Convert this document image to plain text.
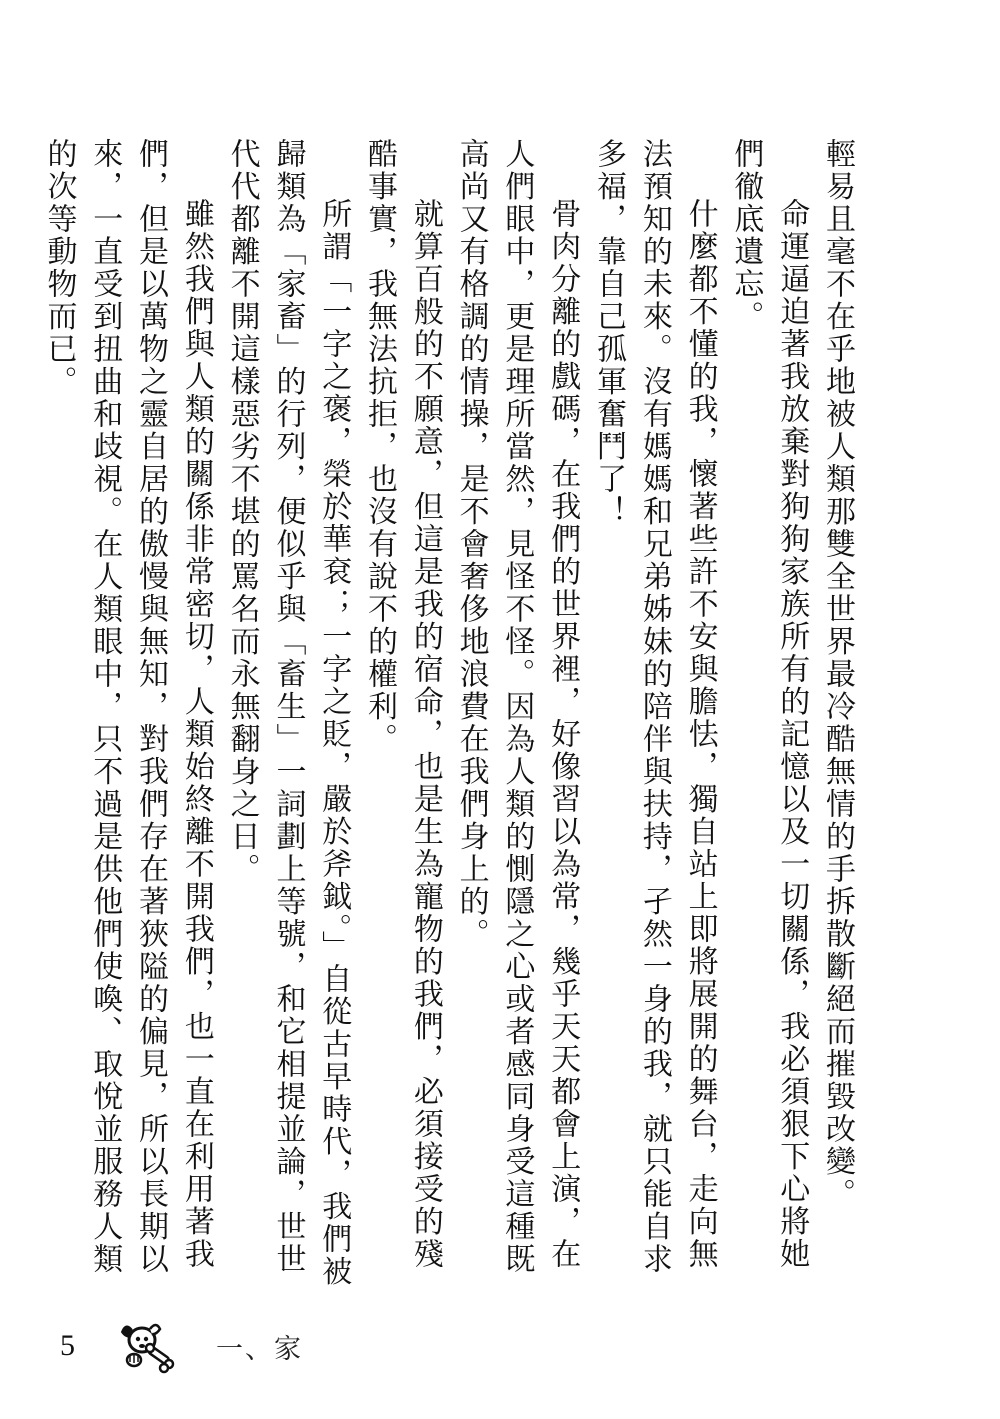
輕易且毫不在乎地被人類那雙全世界最冷酷無情的手拆散斷絕而摧毀改變。

命運逼迫著我放棄對狗狗家族所有的記憶以及一切關係，我必須狠下心將她們徹底遺忘。

什麼都不懂的我，懷著些許不安與膽怯，獨自站上即將展開的舞台，走向無法預知的未來。沒有媽媽和兄弟姊妹的陪伴與扶持，孑然一身的我，就只能自求多福，靠自己孤軍奮鬥了！

骨肉分離的戲碼，在我們的世界裡，好像習以為常，幾乎天天都會上演，在人們眼中，更是理所當然，見怪不怪。因為人類的惻隱之心或者感同身受這種既高尚又有格調的情操，是不會奢侈地浪費在我們身上的。

就算百般的不願意，但這是我的宿命，也是生為寵物的我們，必須接受的殘酷事實，我無法抗拒，也沒有說不的權利。

所謂「一字之褒，榮於華袞；一字之貶，嚴於斧鉞。」自從古早時代，我們被歸類為「家畜」的行列，便似乎與「畜生」一詞劃上等號，和它相提並論，世世代代都離不開這樣惡劣不堪的罵名而永無翻身之日。

雖然我們與人類的關係非常密切，人類始終離不開我們，也一直在利用著我們，但是以萬物之靈自居的傲慢與無知，對我們存在著狹隘的偏見，所以長期以來，一直受到扭曲和歧視。在人類眼中，只不過是供他們使喚、取悅並服務人類的次等動物而已。

5	一、家
